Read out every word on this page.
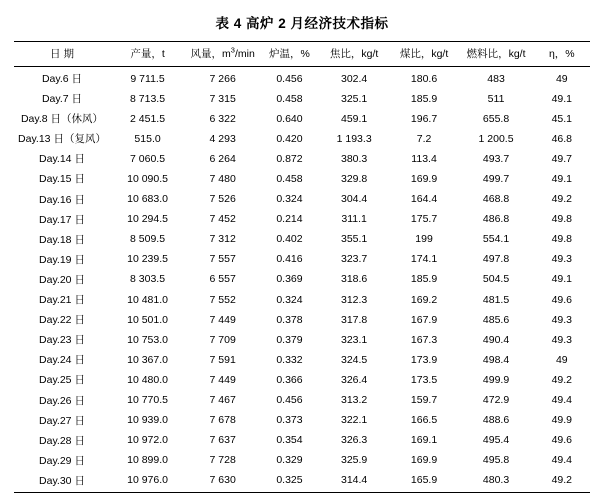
表 4 高炉 2 月经济技术指标
日 期	产量，t	风量，$m^3/\min$	炉温，%	焦比，kg/t	煤比，kg/t	燃料比，kg/t	η，%
Day.6 日	9 711.5	7 266	0.456	302.4	180.6	483	49
Day.7 日	8 713.5	7 315	0.458	325.1	185.9	511	49.1
Day.8 日（休风）	2 451.5	6 322	0.640	459.1	196.7	655.8	45.1
Day.13 日（复风）	515.0	4 293	0.420	1 193.3	7.2	1 200.5	46.8
Day.14 日	7 060.5	6 264	0.872	380.3	113.4	493.7	49.7
Day.15 日	10 090.5	7 480	0.458	329.8	169.9	499.7	49.1
Day.16 日	10 683.0	7 526	0.324	304.4	164.4	468.8	49.2
Day.17 日	10 294.5	7 452	0.214	311.1	175.7	486.8	49.8
Day.18 日	8 509.5	7 312	0.402	355.1	199	554.1	49.8
Day.19 日	10 239.5	7 557	0.416	323.7	174.1	497.8	49.3
Day.20 日	8 303.5	6 557	0.369	318.6	185.9	504.5	49.1
Day.21 日	10 481.0	7 552	0.324	312.3	169.2	481.5	49.6
Day.22 日	10 501.0	7 449	0.378	317.8	167.9	485.6	49.3
Day.23 日	10 753.0	7 709	0.379	323.1	167.3	490.4	49.3
Day.24 日	10 367.0	7 591	0.332	324.5	173.9	498.4	49
Day.25 日	10 480.0	7 449	0.366	326.4	173.5	499.9	49.2
Day.26 日	10 770.5	7 467	0.456	313.2	159.7	472.9	49.4
Day.27 日	10 939.0	7 678	0.373	322.1	166.5	488.6	49.9
Day.28 日	10 972.0	7 637	0.354	326.3	169.1	495.4	49.6
Day.29 日	10 899.0	7 728	0.329	325.9	169.9	495.8	49.4
Day.30 日	10 976.0	7 630	0.325	314.4	165.9	480.3	49.2
